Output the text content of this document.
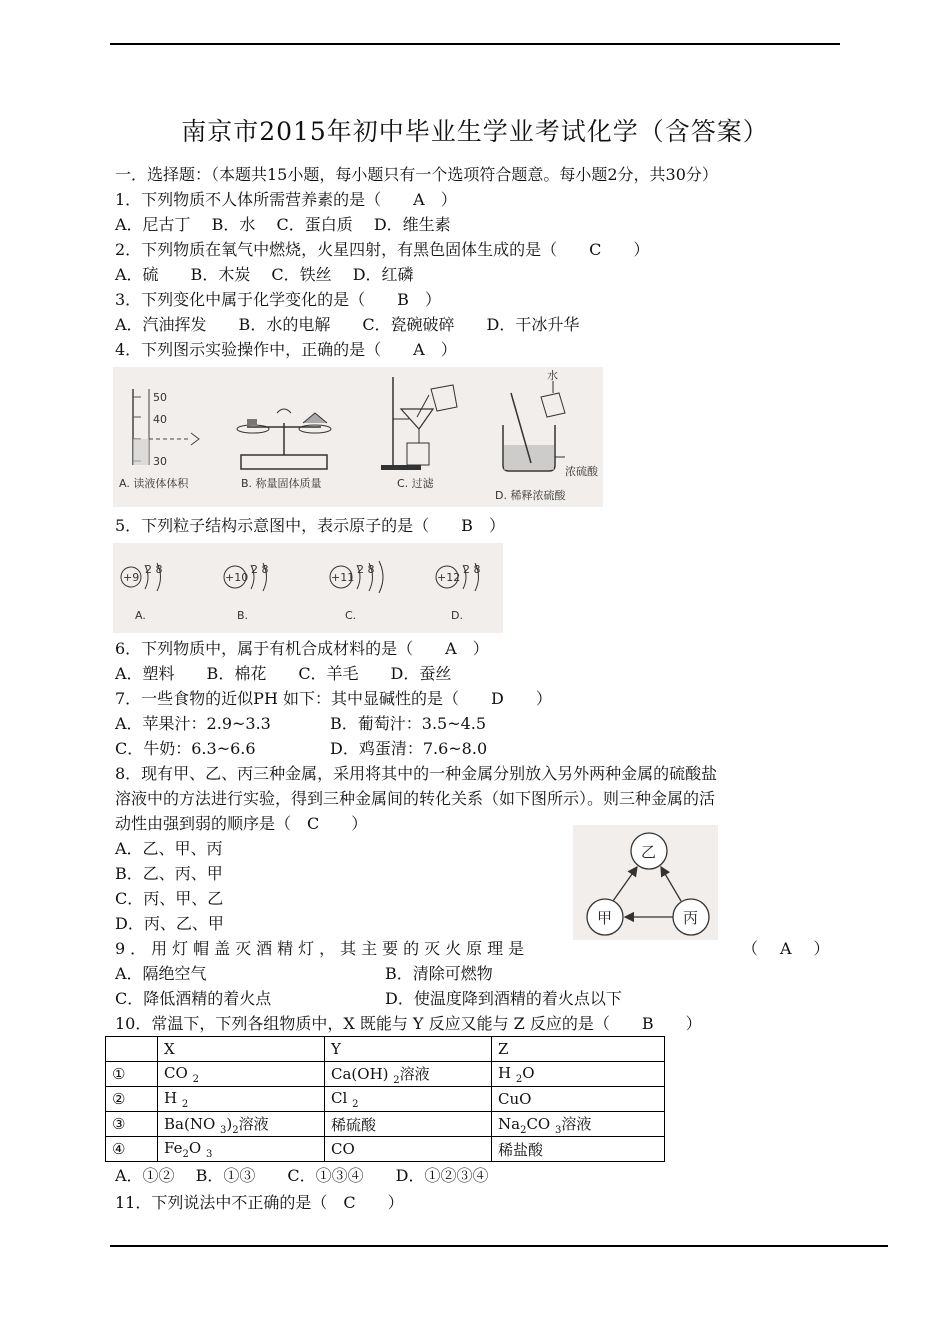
南京市2015年初中毕业生学业考试化学（含答案）
一．选择题：（本题共15小题，每小题只有一个选项符合题意。每小题2分，共30分）
1．下列物质不人体所需营养素的是（　　A　）
A．尼古丁　 B．水　 C．蛋白质　 D．维生素
2．下列物质在氧气中燃烧，火星四射，有黑色固体生成的是（　　C　　）
A．硫　　B．木炭　 C．铁丝　 D．红磷
3．下列变化中属于化学变化的是（　　B　）
A．汽油挥发　　B．水的电解　　C．瓷碗破碎　　D．干冰升华
4．下列图示实验操作中，正确的是（　　A　）
50
40
30
A. 读液体体积	B. 称量固体质量	C. 过滤
水
浓硫酸
D. 稀释浓硫酸
5．下列粒子结构示意图中，表示原子的是（　　B　）
+9
2 8
A.
+10
2 8
B.
+11
2 8
C.
+12
2 8
D.
6．下列物质中，属于有机合成材料的是（　　A　）
A．塑料　　B．棉花　　C．羊毛　　D．蚕丝
7．一些食物的近似PH 如下：其中显碱性的是（　　D　　）
A．苹果汁：2.9~3.3	B．葡萄汁：3.5~4.5
C．牛奶：6.3~6.6	D．鸡蛋清：7.6~8.0
8．现有甲、乙、丙三种金属，采用将其中的一种金属分别放入另外两种金属的硫酸盐
溶液中的方法进行实验，得到三种金属间的转化关系（如下图所示）。则三种金属的活
动性由强到弱的顺序是（　C　　）
A．乙、甲、丙
B．乙、丙、甲
C．丙、甲、乙
D．丙、乙、甲
乙
甲	丙
9．用灯帽盖灭酒精灯，其主要的灭火原理是	（　A　）
A．隔绝空气	B．清除可燃物
C．降低酒精的着火点	D．使温度降到酒精的着火点以下
10．常温下，下列各组物质中，X 既能与 Y 反应又能与 Z 反应的是（　　B　　）
	X	Y	Z
①	CO $_2$	Ca(OH) $_2$溶液	H $_2$O
②	H $_2$	Cl $_2$	CuO
③	Ba(NO $_3)_2$溶液	稀硫酸	$Na_2CO$ $_3$溶液
④	$Fe_2O$ $_3$	CO	稀盐酸
A．①②　 B．①③　　C．①③④　　D．①②③④
11．下列说法中不正确的是（　C　　）
